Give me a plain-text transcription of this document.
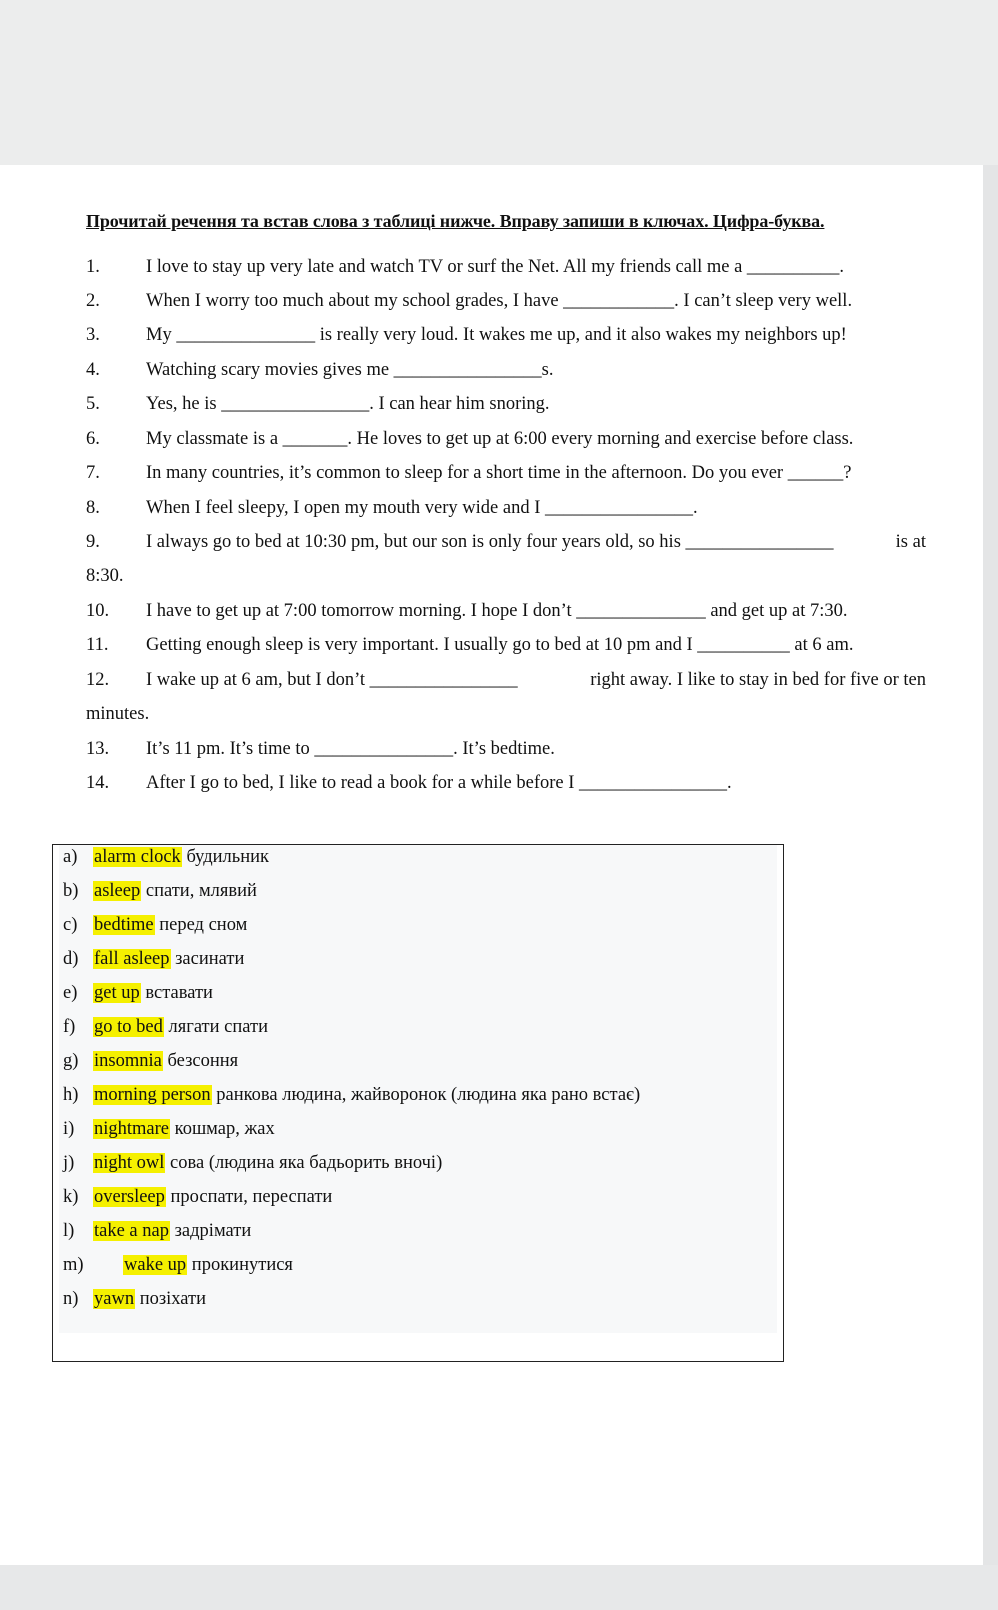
Прочитай речення та встав слова з таблиці нижче. Вправу запиши в ключах. Цифра-буква.
1. I love to stay up very late and watch TV or surf the Net. All my friends call me a __________.
2. When I worry too much about my school grades, I have ____________. I can’t sleep very well.
3. My _______________ is really very loud. It wakes me up, and it also wakes my neighbors up!
4. Watching scary movies gives me ________________s.
5. Yes, he is ________________. I can hear him snoring.
6. My classmate is a _______. He loves to get up at 6:00 every morning and exercise before class.
7. In many countries, it’s common to sleep for a short time in the afternoon. Do you ever ______?
8. When I feel sleepy, I open my mouth very wide and I ________________.
9. I always go to bed at 10:30 pm, but our son is only four years old, so his ________________	is at
8:30.
10. I have to get up at 7:00 tomorrow morning. I hope I don’t ______________ and get up at 7:30.
11. Getting enough sleep is very important. I usually go to bed at 10 pm and I __________ at 6 am.
12. I wake up at 6 am, but I don’t ________________	right away. I like to stay in bed for five or ten
minutes.
13. It’s 11 pm. It’s time to _______________. It’s bedtime.
14. After I go to bed, I like to read a book for a while before I ________________.
a) alarm clock будильник
b) asleep спати, млявий
c) bedtime перед сном
d) fall asleep засинати
e) get up вставати
f) go to bed лягати спати
g) insomnia безсоння
h) morning person ранкова людина, жайворонок (людина яка рано встає)
i) nightmare кошмар, жах
j) night owl сова (людина яка бадьорить вночі)
k) oversleep проспати, переспати
l) take a nap задрімати
m) wake up прокинутися
n) yawn позіхати
